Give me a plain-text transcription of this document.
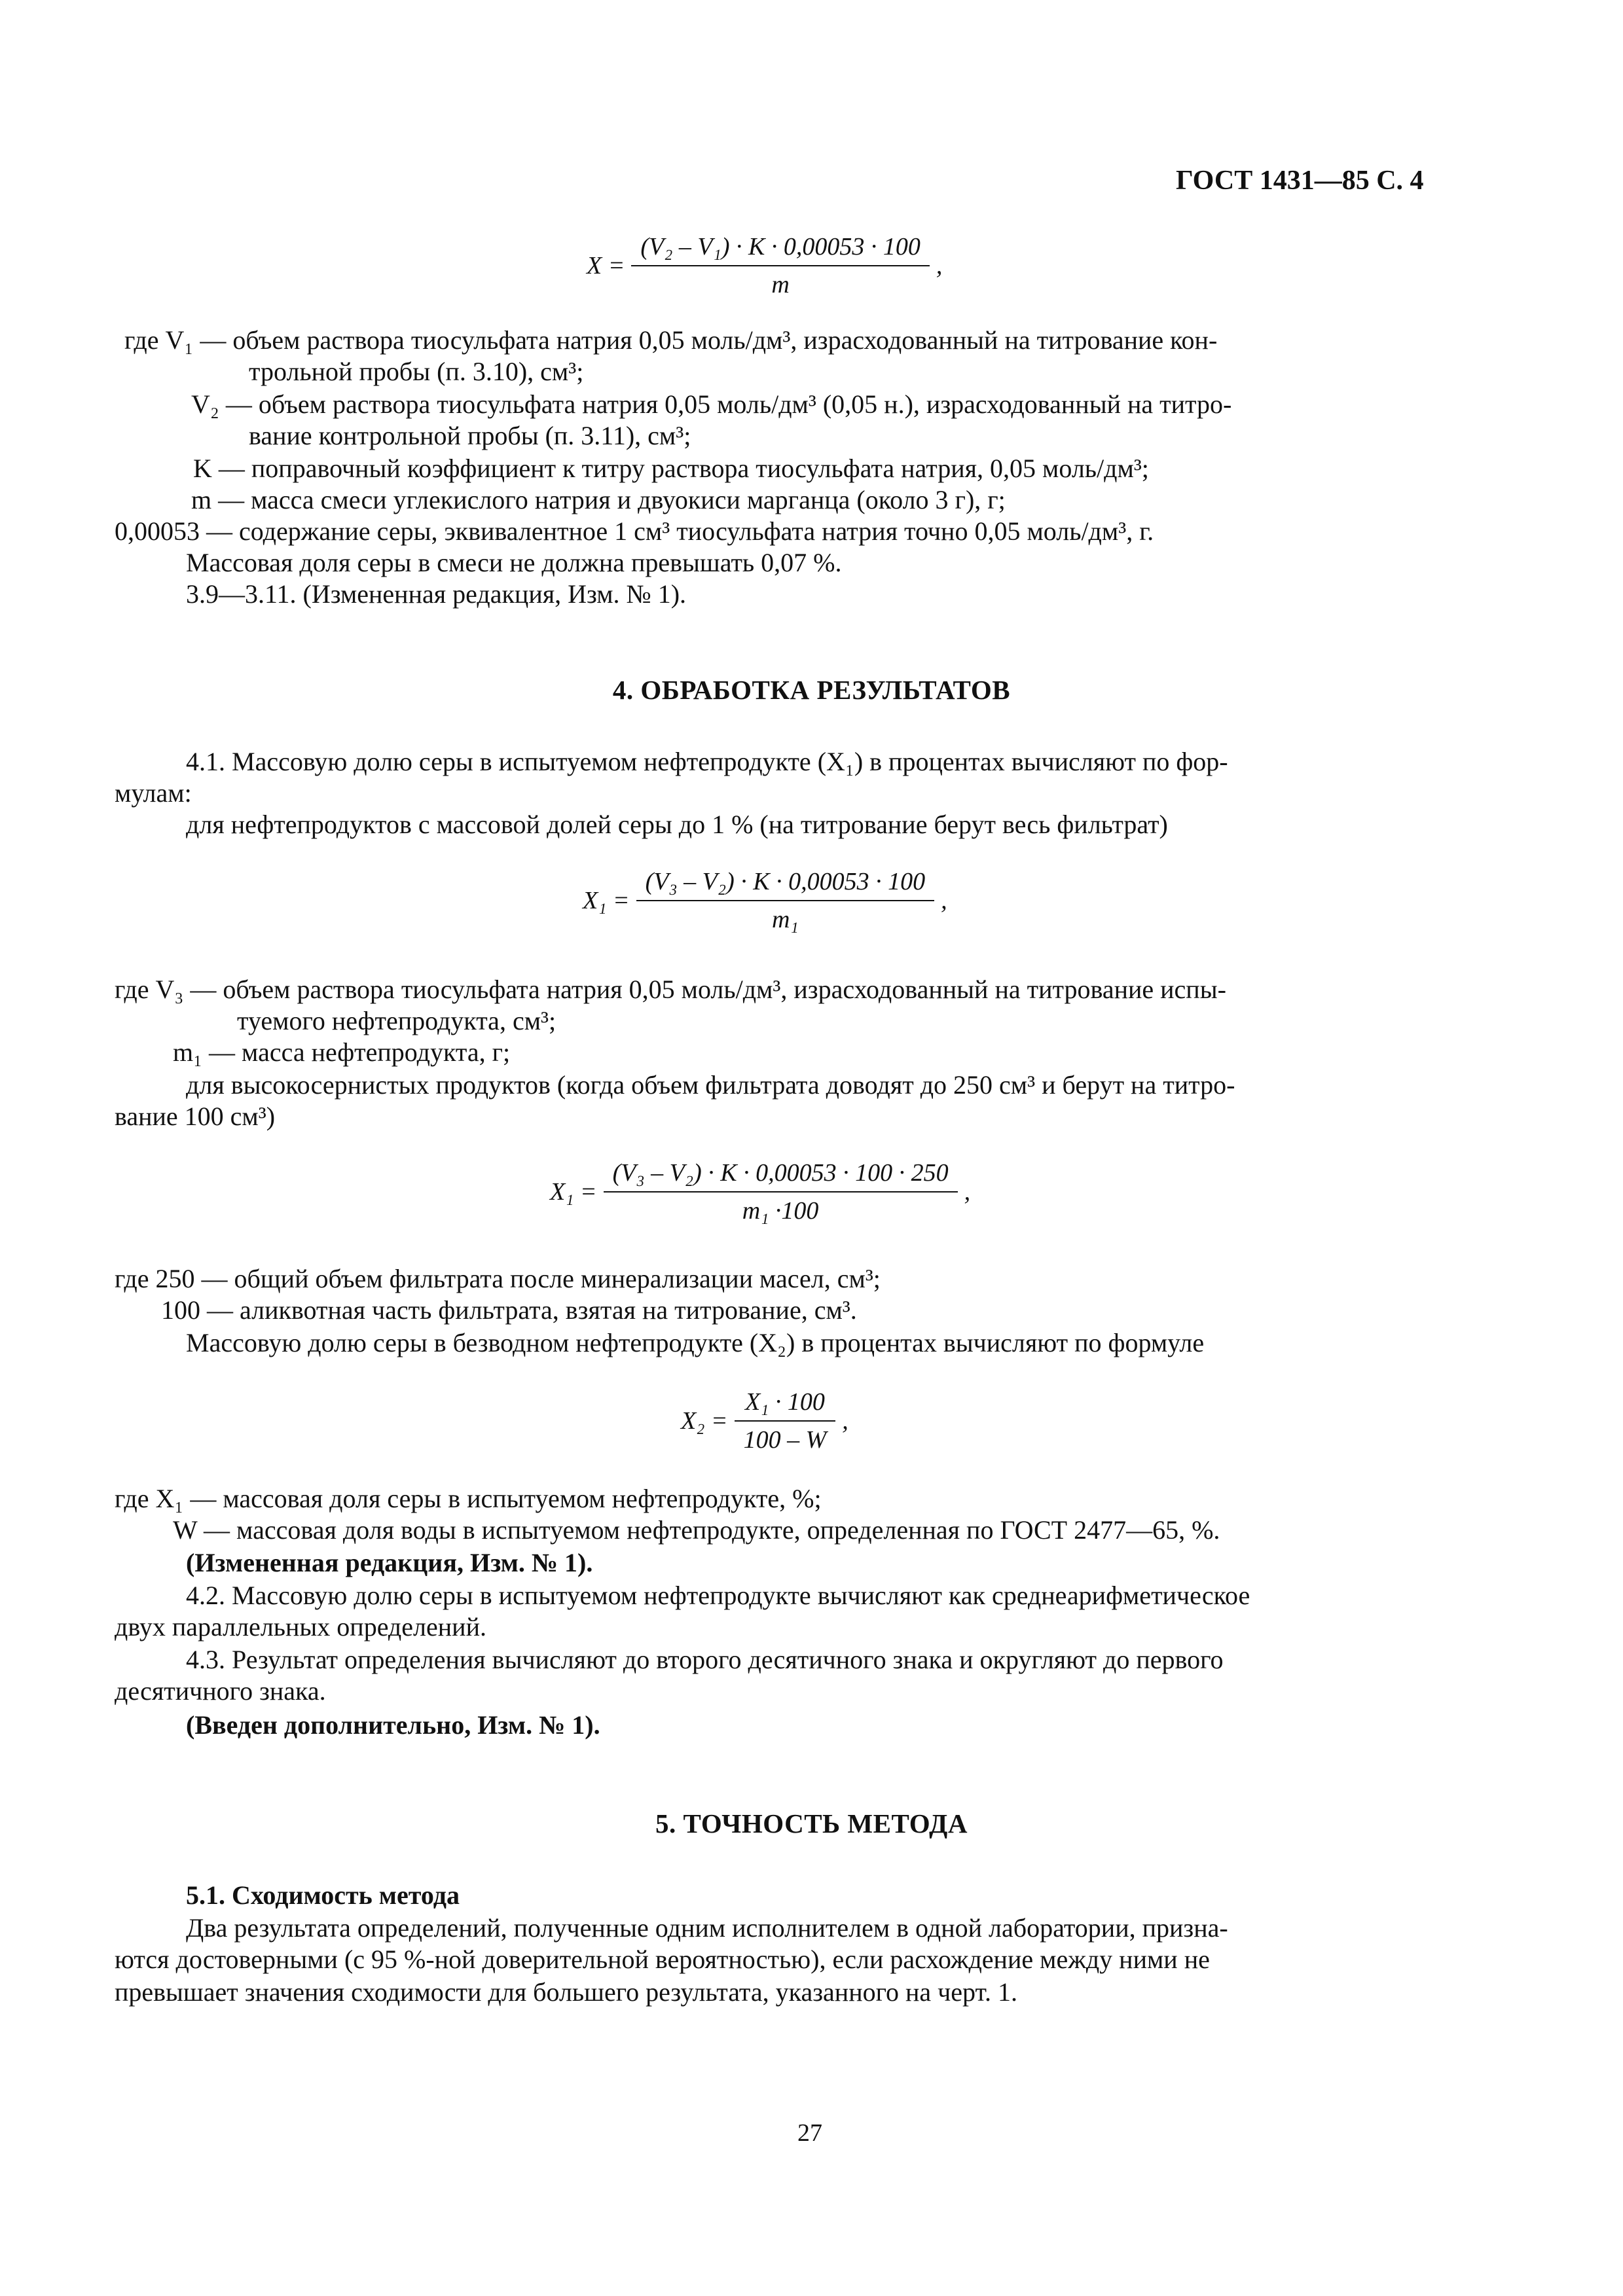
ГОСТ 1431—85 С. 4
$X = \frac{\text{(V₂ – V₁) · K · 0,00053 · 100}}{m}$ ,
где V₁ — объем раствора тиосульфата натрия 0,05 моль/дм³, израсходованный на титрование кон-
трольной пробы (п. 3.10), см³;
V₂ — объем раствора тиосульфата натрия 0,05 моль/дм³ (0,05 н.), израсходованный на титро-
вание контрольной пробы (п. 3.11), см³;
K — поправочный коэффициент к титру раствора тиосульфата натрия, 0,05 моль/дм³;
m — масса смеси углекислого натрия и двуокиси марганца (около 3 г), г;
0,00053 — содержание серы, эквивалентное 1 см³ тиосульфата натрия точно 0,05 моль/дм³, г.
Массовая доля серы в смеси не должна превышать 0,07 %.
3.9—3.11. (Измененная редакция, Изм. № 1).
4. ОБРАБОТКА РЕЗУЛЬТАТОВ
4.1. Массовую долю серы в испытуемом нефтепродукте (X₁) в процентах вычисляют по фор-
мулам:
для нефтепродуктов с массовой долей серы до 1 % (на титрование берут весь фильтрат)
$X_1 = \frac{\text{(V₃ – V₂) · K · 0,00053 · 100}}{\text{m₁}}$ ,
где V₃ — объем раствора тиосульфата натрия 0,05 моль/дм³, израсходованный на титрование испы-
туемого нефтепродукта, см³;
m₁ — масса нефтепродукта, г;
для высокосернистых продуктов (когда объем фильтрата доводят до 250 см³ и берут на титро-
вание 100 см³)
$X_1 = \frac{\text{(V₃ – V₂) · K · 0,00053 · 100 · 250}}{\text{m₁ ·100}}$ ,
где 250 — общий объем фильтрата после минерализации масел, см³;
100 — аликвотная часть фильтрата, взятая на титрование, см³.
Массовую долю серы в безводном нефтепродукте (X₂) в процентах вычисляют по формуле
$X_2 = \frac{\text{X₁ · 100}}{100 - W}$ ,
где X₁ — массовая доля серы в испытуемом нефтепродукте, %;
W — массовая доля воды в испытуемом нефтепродукте, определенная по ГОСТ 2477—65, %.
(Измененная редакция, Изм. № 1).
4.2. Массовую долю серы в испытуемом нефтепродукте вычисляют как среднеарифметическое
двух параллельных определений.
4.3. Результат определения вычисляют до второго десятичного знака и округляют до первого
десятичного знака.
(Введен дополнительно, Изм. № 1).
5. ТОЧНОСТЬ МЕТОДА
5.1. Сходимость метода
Два результата определений, полученные одним исполнителем в одной лаборатории, призна-
ются достоверными (с 95 %-ной доверительной вероятностью), если расхождение между ними не
превышает значения сходимости для большего результата, указанного на черт. 1.
27
